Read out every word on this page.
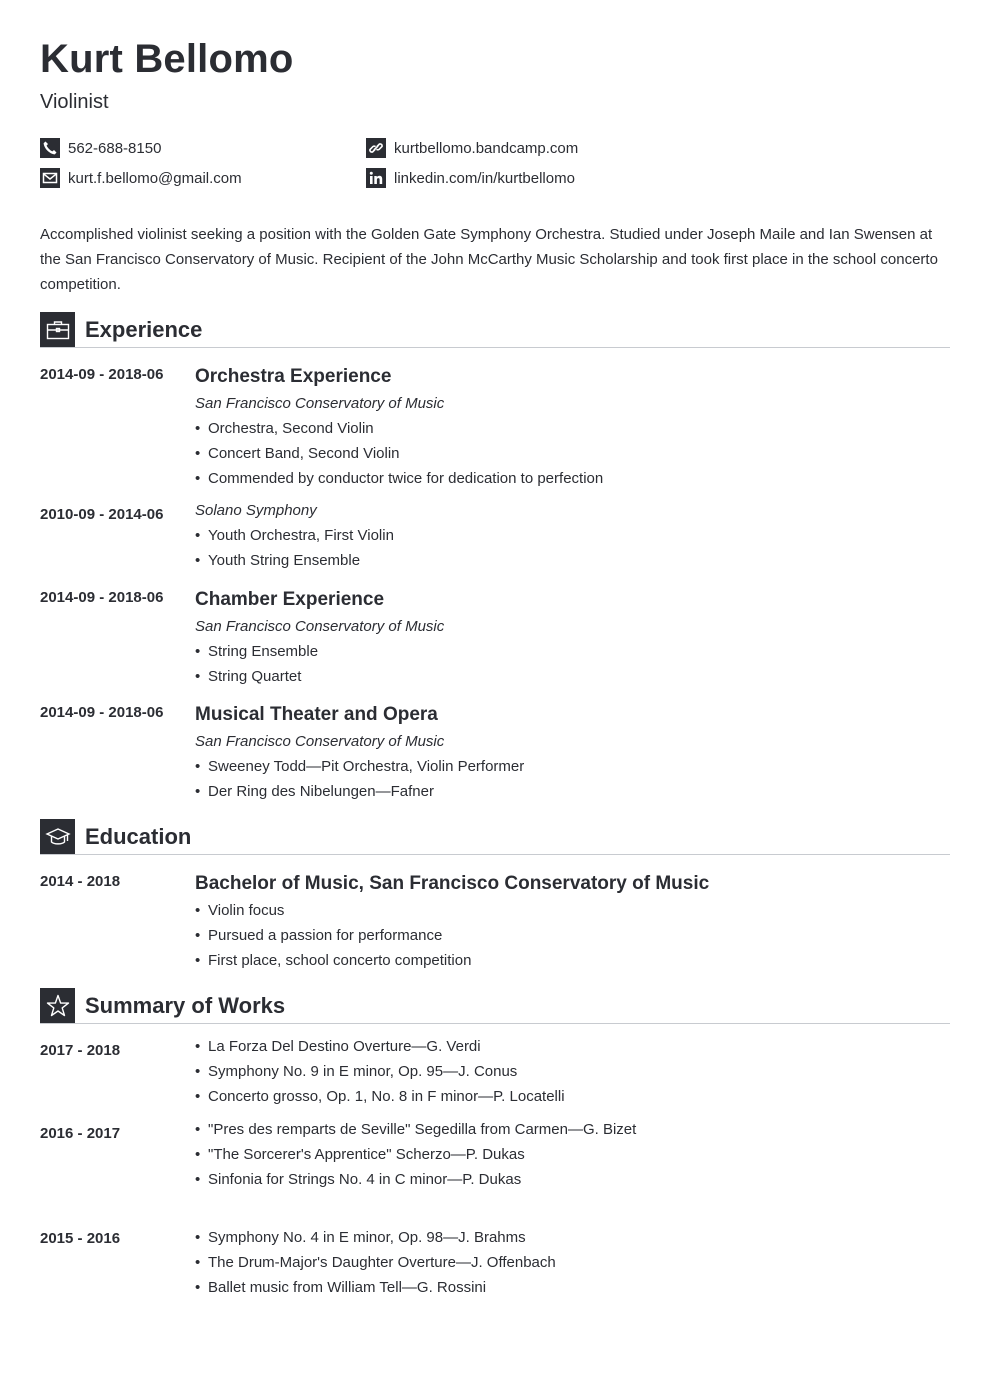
Kurt Bellomo
Violinist
562-688-8150
kurt.f.bellomo@gmail.com
kurtbellomo.bandcamp.com
linkedin.com/in/kurtbellomo
Accomplished violinist seeking a position with the Golden Gate Symphony Orchestra. Studied under Joseph Maile and Ian Swensen at the San Francisco Conservatory of Music. Recipient of the John McCarthy Music Scholarship and took first place in the school concerto competition.
Experience
2014-09 - 2018-06 Orchestra Experience
San Francisco Conservatory of Music
• Orchestra, Second Violin
• Concert Band, Second Violin
• Commended by conductor twice for dedication to perfection
2010-09 - 2014-06 Solano Symphony
• Youth Orchestra, First Violin
• Youth String Ensemble
2014-09 - 2018-06 Chamber Experience
San Francisco Conservatory of Music
• String Ensemble
• String Quartet
2014-09 - 2018-06 Musical Theater and Opera
San Francisco Conservatory of Music
• Sweeney Todd—Pit Orchestra, Violin Performer
• Der Ring des Nibelungen—Fafner
Education
2014 - 2018	Bachelor of Music, San Francisco Conservatory of Music
• Violin focus
• Pursued a passion for performance
• First place, school concerto competition
Summary of Works
2017 - 2018	• La Forza Del Destino Overture—G. Verdi
• Symphony No. 9 in E minor, Op. 95—J. Conus
• Concerto grosso, Op. 1, No. 8 in F minor—P. Locatelli
2016 - 2017	• "Pres des remparts de Seville" Segedilla from Carmen—G. Bizet
• "The Sorcerer's Apprentice" Scherzo—P. Dukas
• Sinfonia for Strings No. 4 in C minor—P. Dukas
2015 - 2016	• Symphony No. 4 in E minor, Op. 98—J. Brahms
• The Drum-Major's Daughter Overture—J. Offenbach
• Ballet music from William Tell—G. Rossini
